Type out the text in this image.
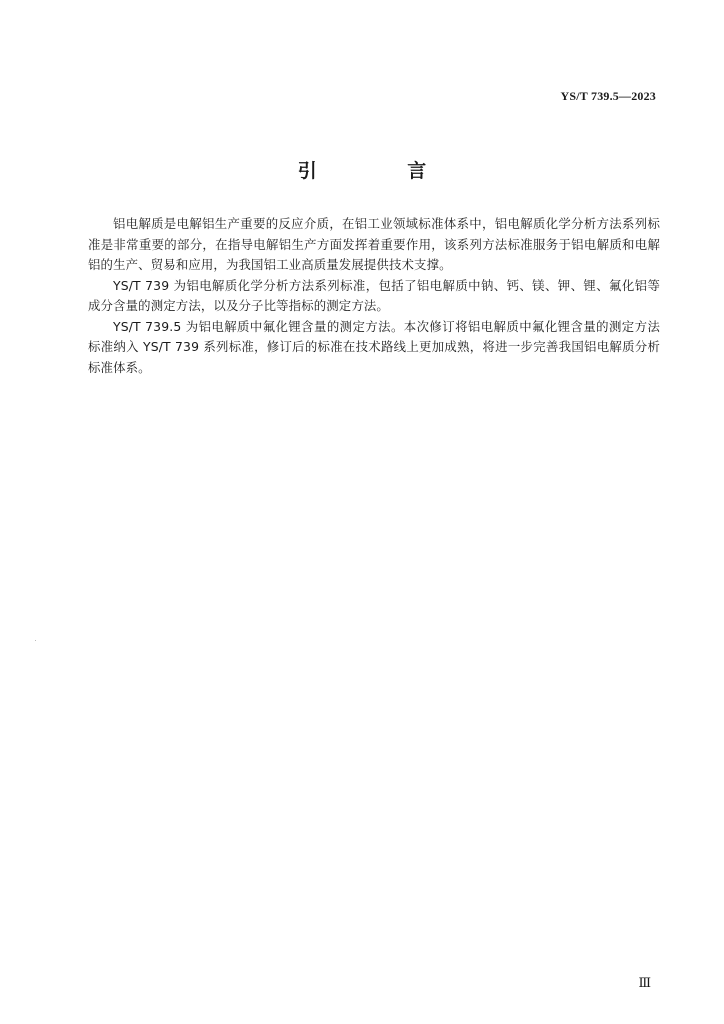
YS/T 739.5—2023
引 言

铝电解质是电解铝生产重要的反应介质，在铝工业领域标准体系中，铝电解质化学分析方法系列标准是非常重要的部分，在指导电解铝生产方面发挥着重要作用，该系列方法标准服务于铝电解质和电解铝的生产、贸易和应用，为我国铝工业高质量发展提供技术支撑。

YS/T 739 为铝电解质化学分析方法系列标准，包括了铝电解质中钠、钙、镁、钾、锂、氟化铝等成分含量的测定方法，以及分子比等指标的测定方法。

YS/T 739.5 为铝电解质中氟化锂含量的测定方法。本次修订将铝电解质中氟化锂含量的测定方法标准纳入 YS/T 739 系列标准，修订后的标准在技术路线上更加成熟，将进一步完善我国铝电解质分析标准体系。

Ⅲ
